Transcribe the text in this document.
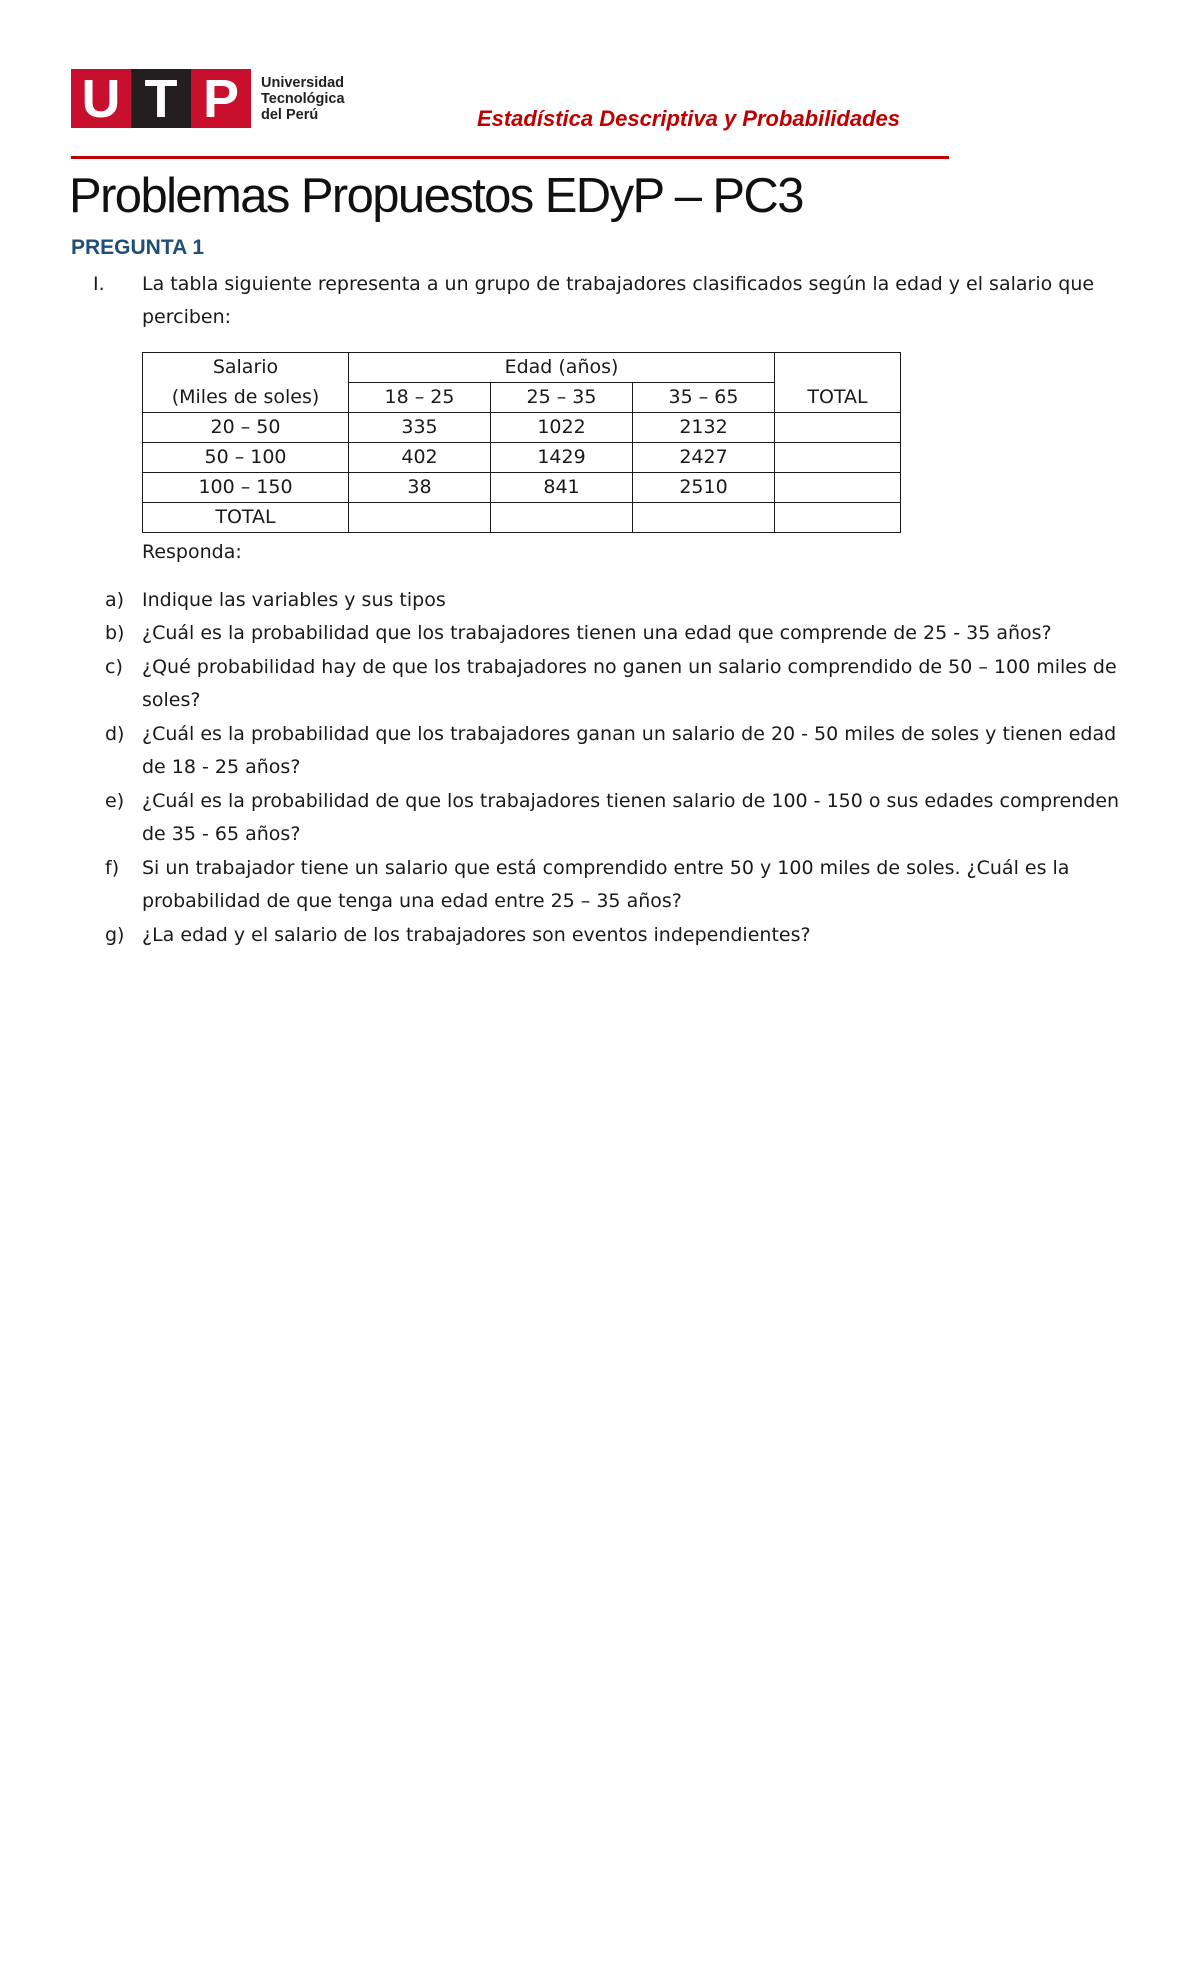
U T P	Universidad
Tecnológica
del Perú	Estadística Descriptiva y Probabilidades
Problemas Propuestos EDyP – PC3
PREGUNTA 1
I.	La tabla siguiente representa a un grupo de trabajadores clasificados según la edad y el salario que perciben:
Salario	Edad (años)			
(Miles de soles)	18 – 25	25 – 35	35 – 65	TOTAL
20 – 50	335	1022	2132	
50 – 100	402	1429	2427	
100 – 150	38	841	2510	
TOTAL				
Responda:
a) Indique las variables y sus tipos
b) ¿Cuál es la probabilidad que los trabajadores tienen una edad que comprende de 25 - 35 años?
c)	¿Qué probabilidad hay de que los trabajadores no ganen un salario comprendido de 50 – 100 miles de soles?
d) ¿Cuál es la probabilidad que los trabajadores ganan un salario de 20 - 50 miles de soles y tienen edad de 18 - 25 años?
e) ¿Cuál es la probabilidad de que los trabajadores tienen salario de 100 - 150 o sus edades comprenden de 35 - 65 años?
f)	Si un trabajador tiene un salario que está comprendido entre 50 y 100 miles de soles. ¿Cuál es la probabilidad de que tenga una edad entre 25 – 35 años?
g) ¿La edad y el salario de los trabajadores son eventos independientes?
